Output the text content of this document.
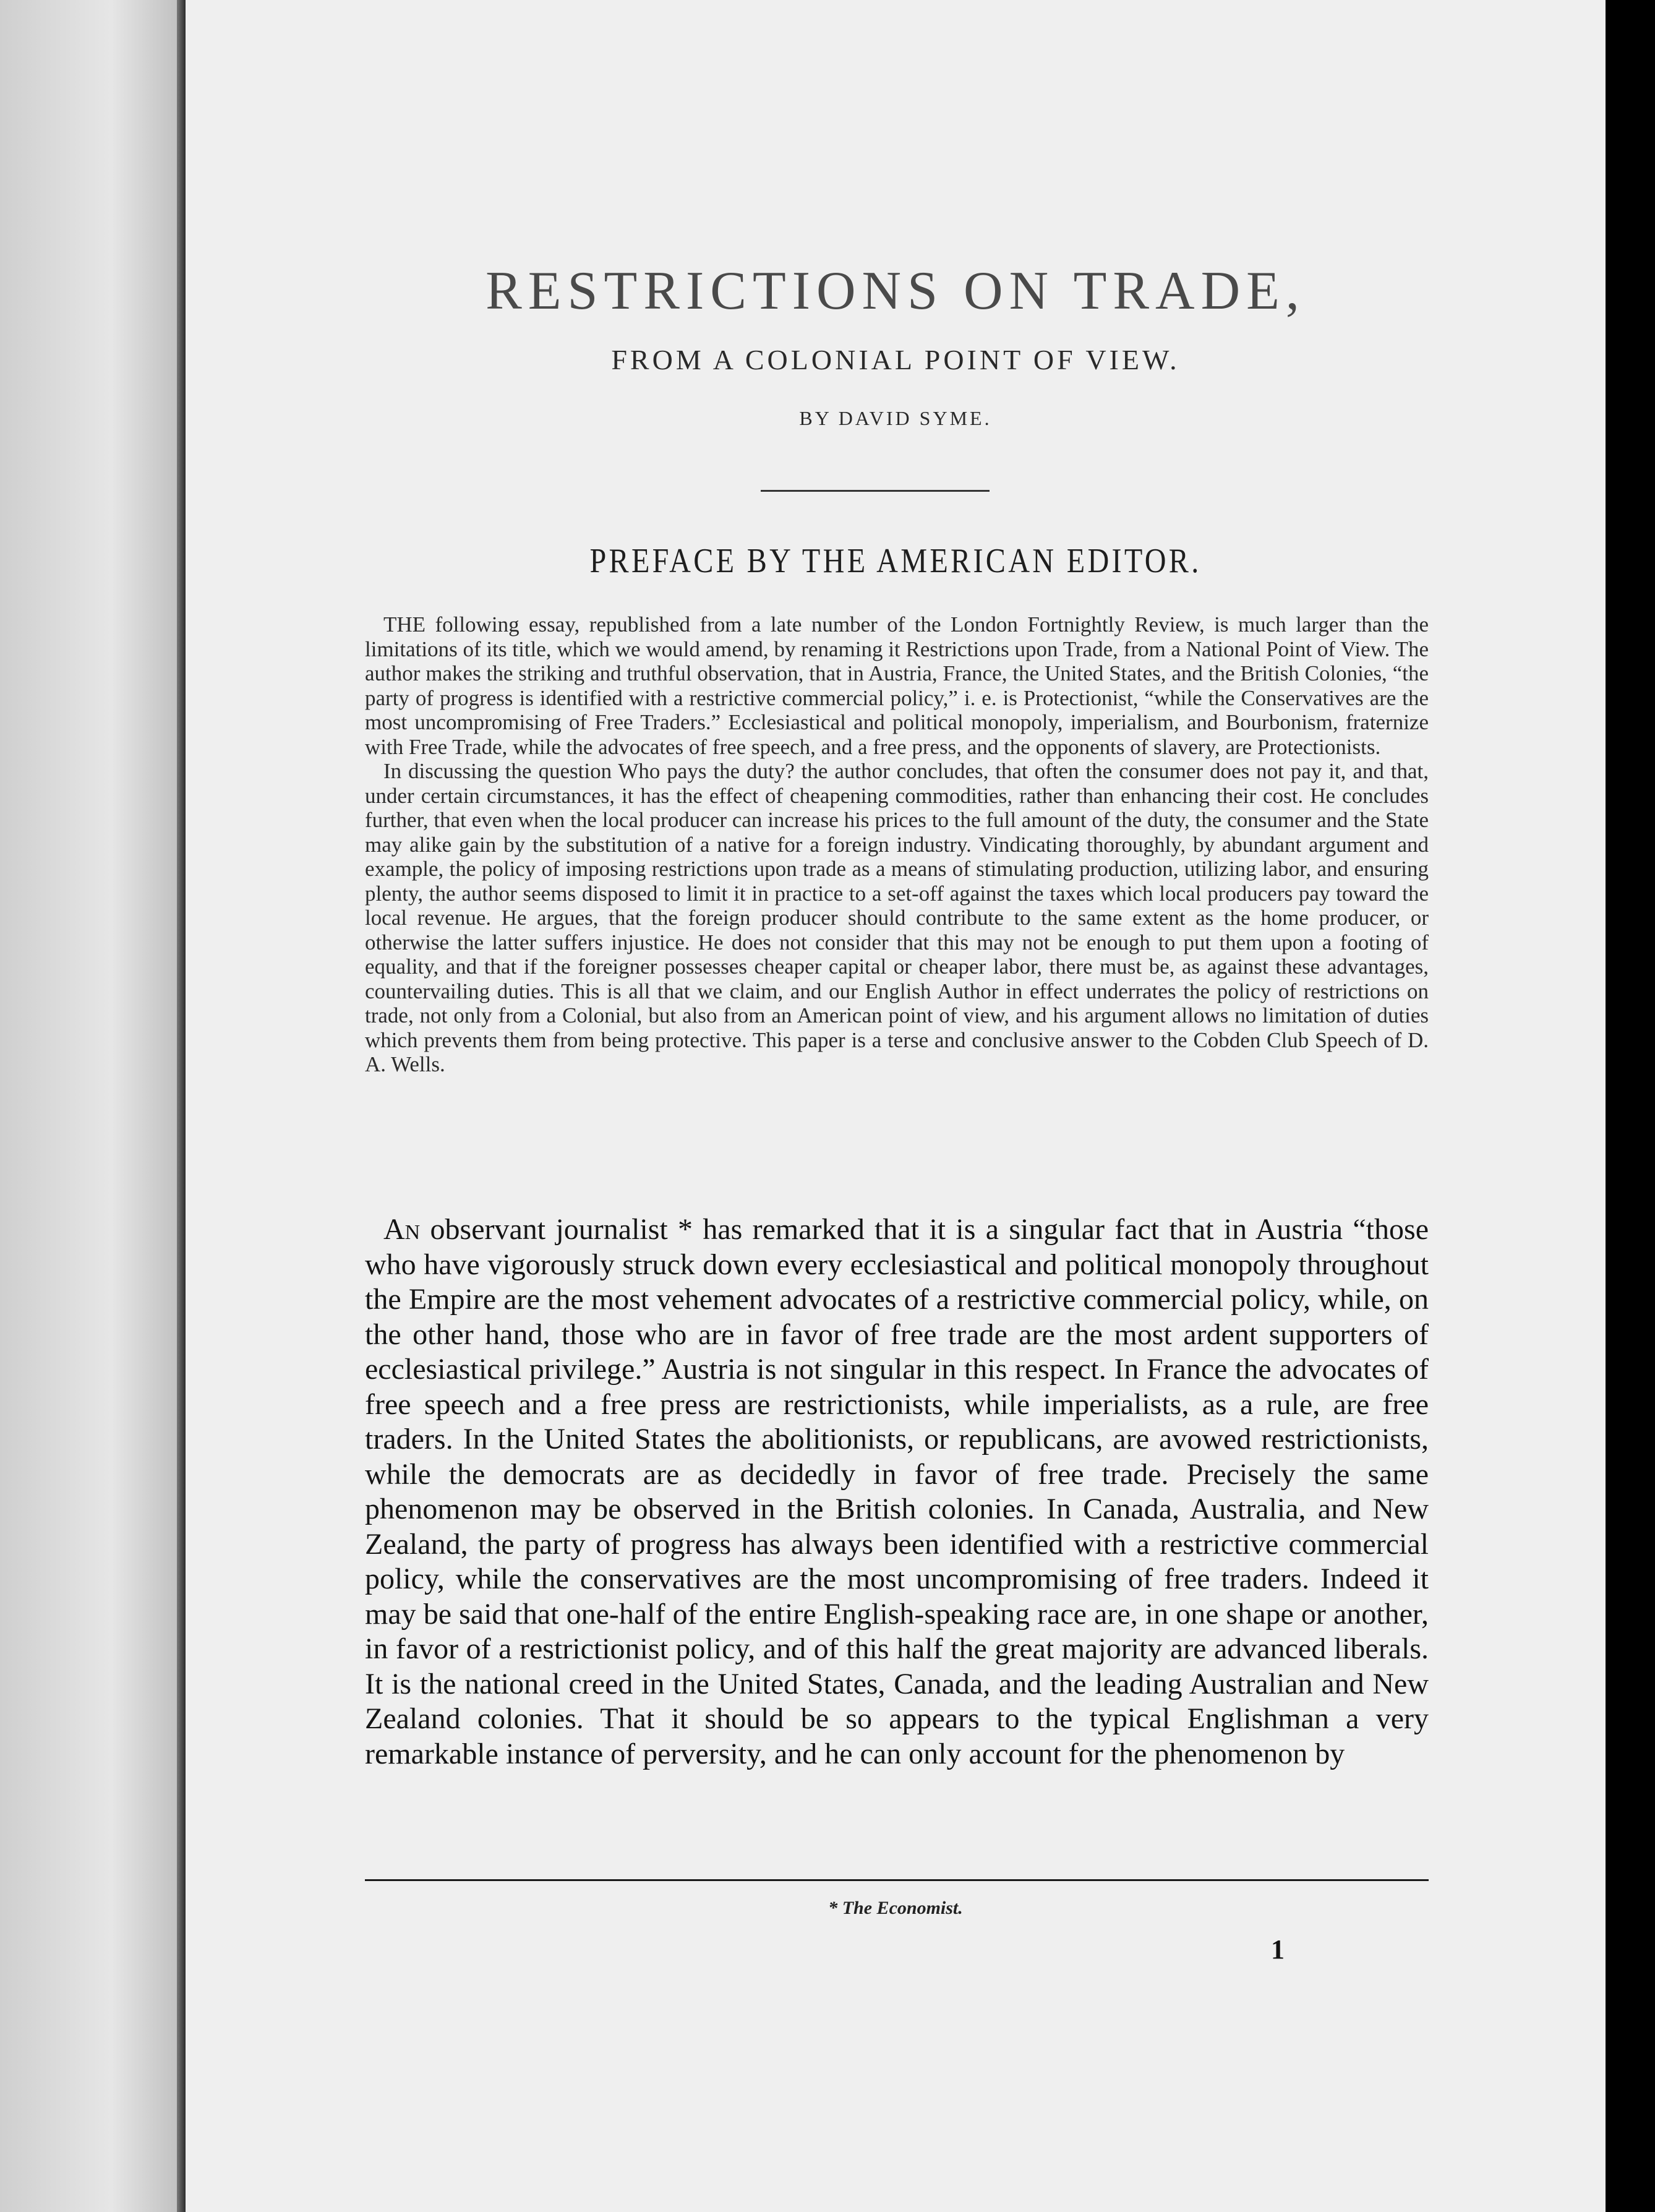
RESTRICTIONS ON TRADE,
FROM A COLONIAL POINT OF VIEW.
BY DAVID SYME.
PREFACE BY THE AMERICAN EDITOR.

THE following essay, republished from a late number of the London Fortnightly Review, is much larger than the limitations of its title, which we would amend, by renaming it Restrictions upon Trade, from a National Point of View. The author makes the striking and truthful observation, that in Austria, France, the United States, and the British Colonies, “the party of progress is identified with a restrictive commercial policy,” i. e. is Protectionist, “while the Conservatives are the most uncompromising of Free Traders.” Ecclesiastical and political monopoly, imperialism, and Bourbonism, fraternize with Free Trade, while the advocates of free speech, and a free press, and the opponents of slavery, are Protectionists.

In discussing the question Who pays the duty? the author concludes, that often the consumer does not pay it, and that, under certain circumstances, it has the effect of cheapening commodities, rather than enhancing their cost. He concludes further, that even when the local producer can increase his prices to the full amount of the duty, the consumer and the State may alike gain by the substitution of a native for a foreign industry. Vindicating thoroughly, by abundant argument and example, the policy of imposing restrictions upon trade as a means of stimulating production, utilizing labor, and ensuring plenty, the author seems disposed to limit it in practice to a set-off against the taxes which local producers pay toward the local revenue. He argues, that the foreign producer should contribute to the same extent as the home producer, or otherwise the latter suffers injustice. He does not consider that this may not be enough to put them upon a footing of equality, and that if the foreigner possesses cheaper capital or cheaper labor, there must be, as against these advantages, countervailing duties. This is all that we claim, and our English Author in effect underrates the policy of restrictions on trade, not only from a Colonial, but also from an American point of view, and his argument allows no limitation of duties which prevents them from being protective. This paper is a terse and conclusive answer to the Cobden Club Speech of D. A. Wells.

An observant journalist * has remarked that it is a singular fact that in Austria “those who have vigorously struck down every ecclesiastical and political monopoly throughout the Empire are the most vehement advocates of a restrictive commercial policy, while, on the other hand, those who are in favor of free trade are the most ardent supporters of ecclesiastical privilege.” Austria is not singular in this respect. In France the advocates of free speech and a free press are restrictionists, while imperialists, as a rule, are free traders. In the United States the abolitionists, or republicans, are avowed restrictionists, while the democrats are as decidedly in favor of free trade. Precisely the same phenomenon may be observed in the British colonies. In Canada, Australia, and New Zealand, the party of progress has always been identified with a restrictive commercial policy, while the conservatives are the most uncompromising of free traders. Indeed it may be said that one-half of the entire English-speaking race are, in one shape or another, in favor of a restrictionist policy, and of this half the great majority are advanced liberals. It is the national creed in the United States, Canada, and the leading Australian and New Zealand colonies. That it should be so appears to the typical Englishman a very remarkable instance of perversity, and he can only account for the phenomenon by

* The Economist.
1
